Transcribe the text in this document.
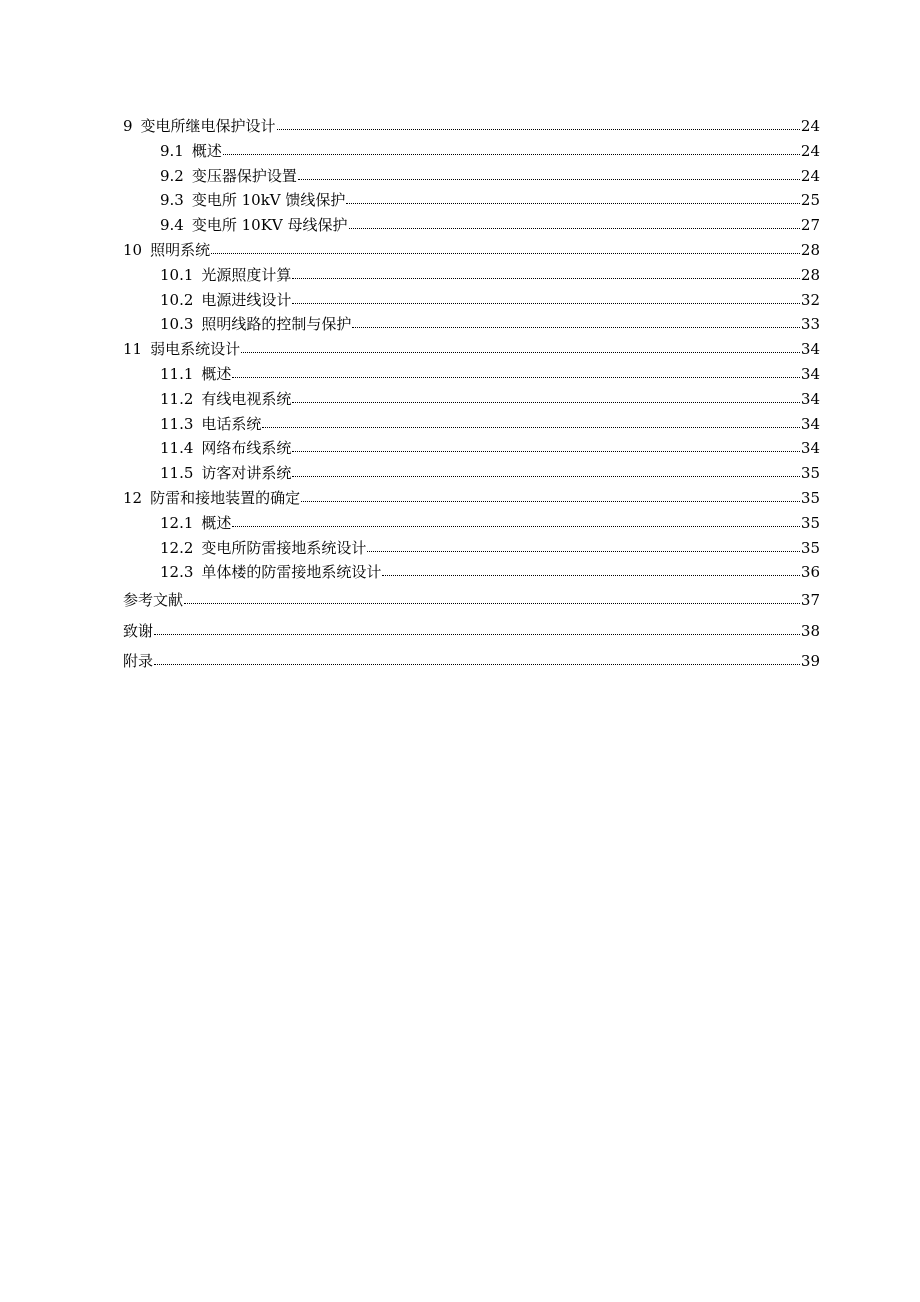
9 变电所继电保护设计	24
9.1 概述	24
9.2 变压器保护设置	24
9.3 变电所 10kV 馈线保护	25
9.4 变电所 10KV 母线保护	27
10 照明系统	28
10.1 光源照度计算	28
10.2 电源进线设计	32
10.3 照明线路的控制与保护	33
11 弱电系统设计	34
11.1 概述	34
11.2 有线电视系统	34
11.3 电话系统	34
11.4 网络布线系统	34
11.5 访客对讲系统	35
12 防雷和接地装置的确定	35
12.1 概述	35
12.2 变电所防雷接地系统设计	35
12.3 单体楼的防雷接地系统设计	36
参考文献	37
致谢	38
附录	39
